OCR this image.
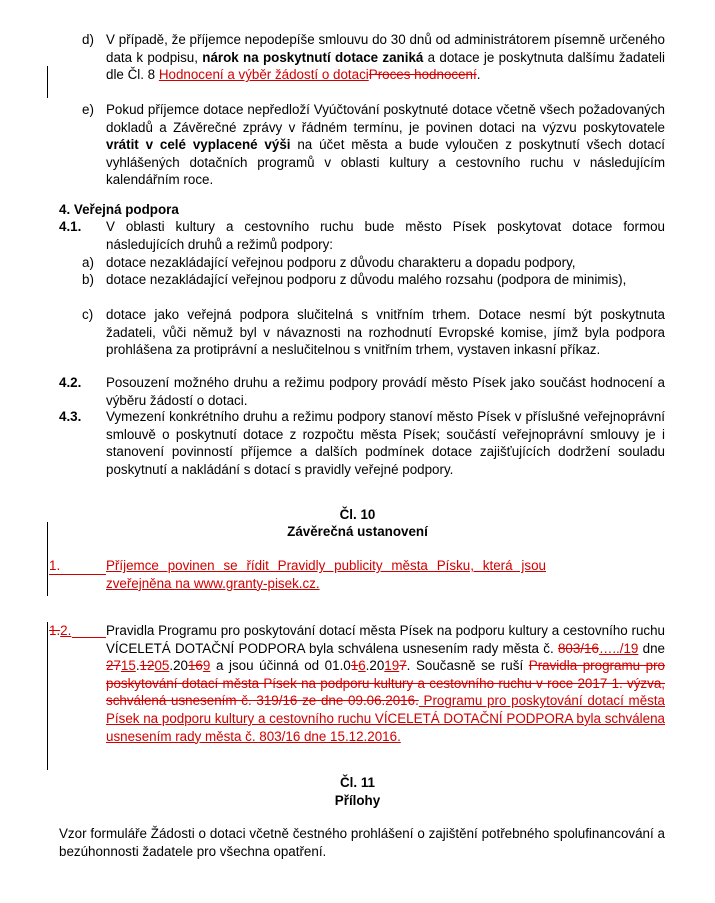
d) V případě, že příjemce nepodepíše smlouvu do 30 dnů od administrátorem písemně určeného data k podpisu, nárok na poskytnutí dotace zaniká a dotace je poskytnuta dalšímu žadateli dle Čl. 8 Hodnocení a výběr žádostí o dotaciProces hodnocení.
e) Pokud příjemce dotace nepředloží Vyúčtování poskytnuté dotace včetně všech požadovaných dokladů a Závěrečné zprávy v řádném termínu, je povinen dotaci na výzvu poskytovatele vrátit v celé vyplacené výši na účet města a bude vyloučen z poskytnutí všech dotací vyhlášených dotačních programů v oblasti kultury a cestovního ruchu v následujícím kalendářním roce.
4. Veřejná podpora
4.1. V oblasti kultury a cestovního ruchu bude město Písek poskytovat dotace formou následujících druhů a režimů podpory:
a) dotace nezakládající veřejnou podporu z důvodu charakteru a dopadu podpory,
b) dotace nezakládající veřejnou podporu z důvodu malého rozsahu (podpora de minimis),
c) dotace jako veřejná podpora slučitelná s vnitřním trhem. Dotace nesmí být poskytnuta žadateli, vůči němuž byl v návaznosti na rozhodnutí Evropské komise, jímž byla podpora prohlášena za protiprávní a neslučitelnou s vnitřním trhem, vystaven inkasní příkaz.
4.2. Posouzení možného druhu a režimu podpory provádí město Písek jako součást hodnocení a výběru žádostí o dotaci.
4.3. Vymezení konkrétního druhu a režimu podpory stanoví město Písek v příslušné veřejnoprávní smlouvě o poskytnutí dotace z rozpočtu města Písek; součástí veřejnoprávní smlouvy je i stanovení povinností příjemce a dalších podmínek dotace zajišťujících dodržení souladu poskytnutí a nakládání s dotací s pravidly veřejné podpory.
Čl. 10
Závěrečná ustanovení
1.	Příjemce povinen se řídit Pravidly publicity města Písku, která jsou zveřejněna na www.granty-pisek.cz.
1.2.	Pravidla Programu pro poskytování dotací města Písek na podporu kultury a cestovního ruchu VÍCELETÁ DOTAČNÍ PODPORA byla schválena usnesením rady města č. 803/16…../19 dne 2715.1205.20169 a jsou účinná od 01.016.20197. Současně se ruší Pravidla programu pro poskytování dotací města Písek na podporu kultury a cestovního ruchu v roce 2017 1. výzva, schválená usnesením č. 319/16 ze dne 09.06.2016. Programu pro poskytování dotací města Písek na podporu kultury a cestovního ruchu VÍCELETÁ DOTAČNÍ PODPORA byla schválena usnesením rady města č. 803/16 dne 15.12.2016.
Čl. 11
Přílohy
Vzor formuláře Žádosti o dotaci včetně čestného prohlášení o zajištění potřebného spolufinancování a bezúhonnosti žadatele pro všechna opatření.
